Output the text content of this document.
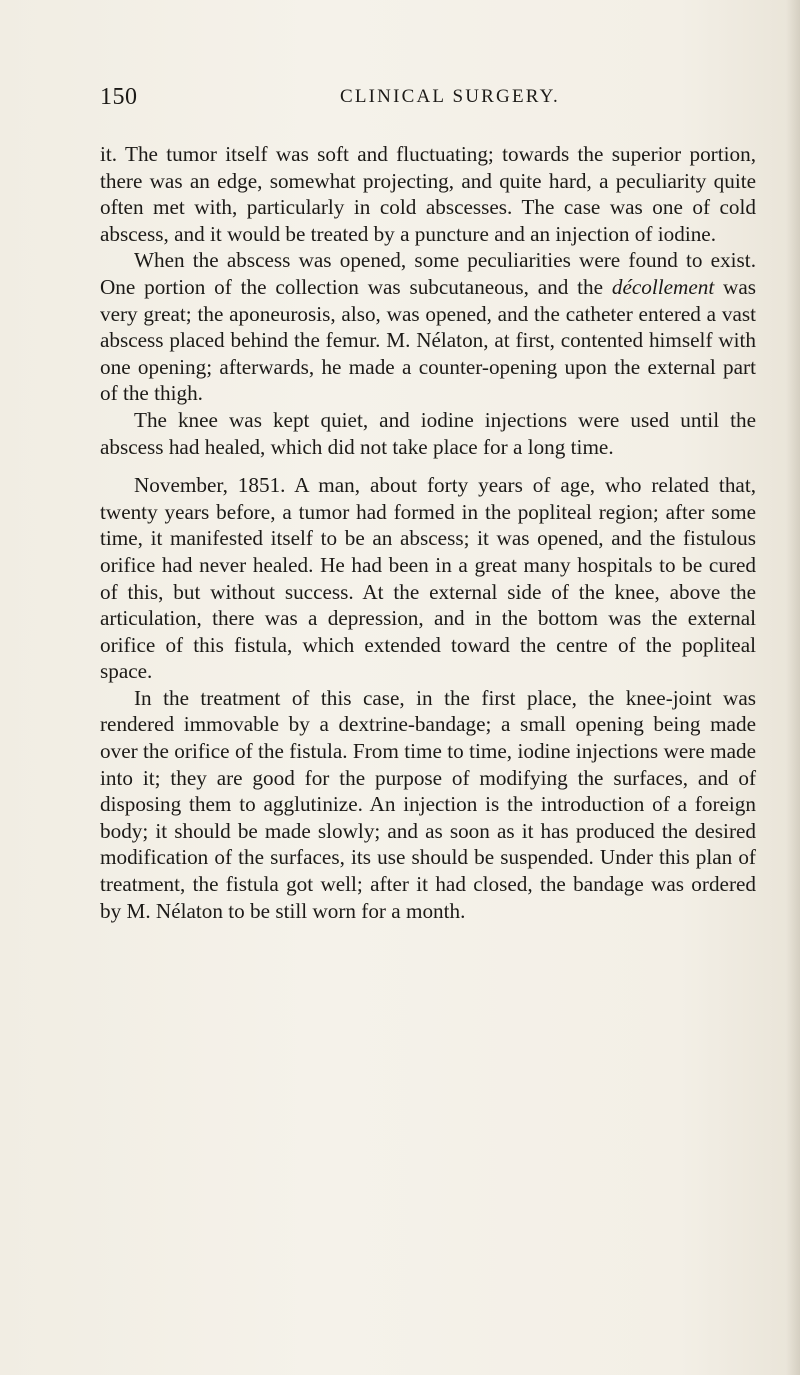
150	CLINICAL SURGERY.

it. The tumor itself was soft and fluctuating; towards the superior portion, there was an edge, somewhat projecting, and quite hard, a peculiarity quite often met with, particularly in cold abscesses. The case was one of cold abscess, and it would be treated by a puncture and an injection of iodine.

When the abscess was opened, some peculiarities were found to exist. One portion of the collection was subcutaneous, and the décollement was very great; the aponeurosis, also, was opened, and the catheter entered a vast abscess placed behind the femur. M. Nélaton, at first, contented himself with one opening; afterwards, he made a counter-opening upon the external part of the thigh.

The knee was kept quiet, and iodine injections were used until the abscess had healed, which did not take place for a long time.

November, 1851. A man, about forty years of age, who related that, twenty years before, a tumor had formed in the popliteal region; after some time, it manifested itself to be an abscess; it was opened, and the fistulous orifice had never healed. He had been in a great many hospitals to be cured of this, but without success. At the external side of the knee, above the articulation, there was a depression, and in the bottom was the external orifice of this fistula, which extended toward the centre of the popliteal space.

In the treatment of this case, in the first place, the knee-joint was rendered immovable by a dextrine-bandage; a small opening being made over the orifice of the fistula. From time to time, iodine injections were made into it; they are good for the purpose of modifying the surfaces, and of disposing them to agglutinize. An injection is the introduction of a foreign body; it should be made slowly; and as soon as it has produced the desired modification of the surfaces, its use should be suspended. Under this plan of treatment, the fistula got well; after it had closed, the bandage was ordered by M. Nélaton to be still worn for a month.
